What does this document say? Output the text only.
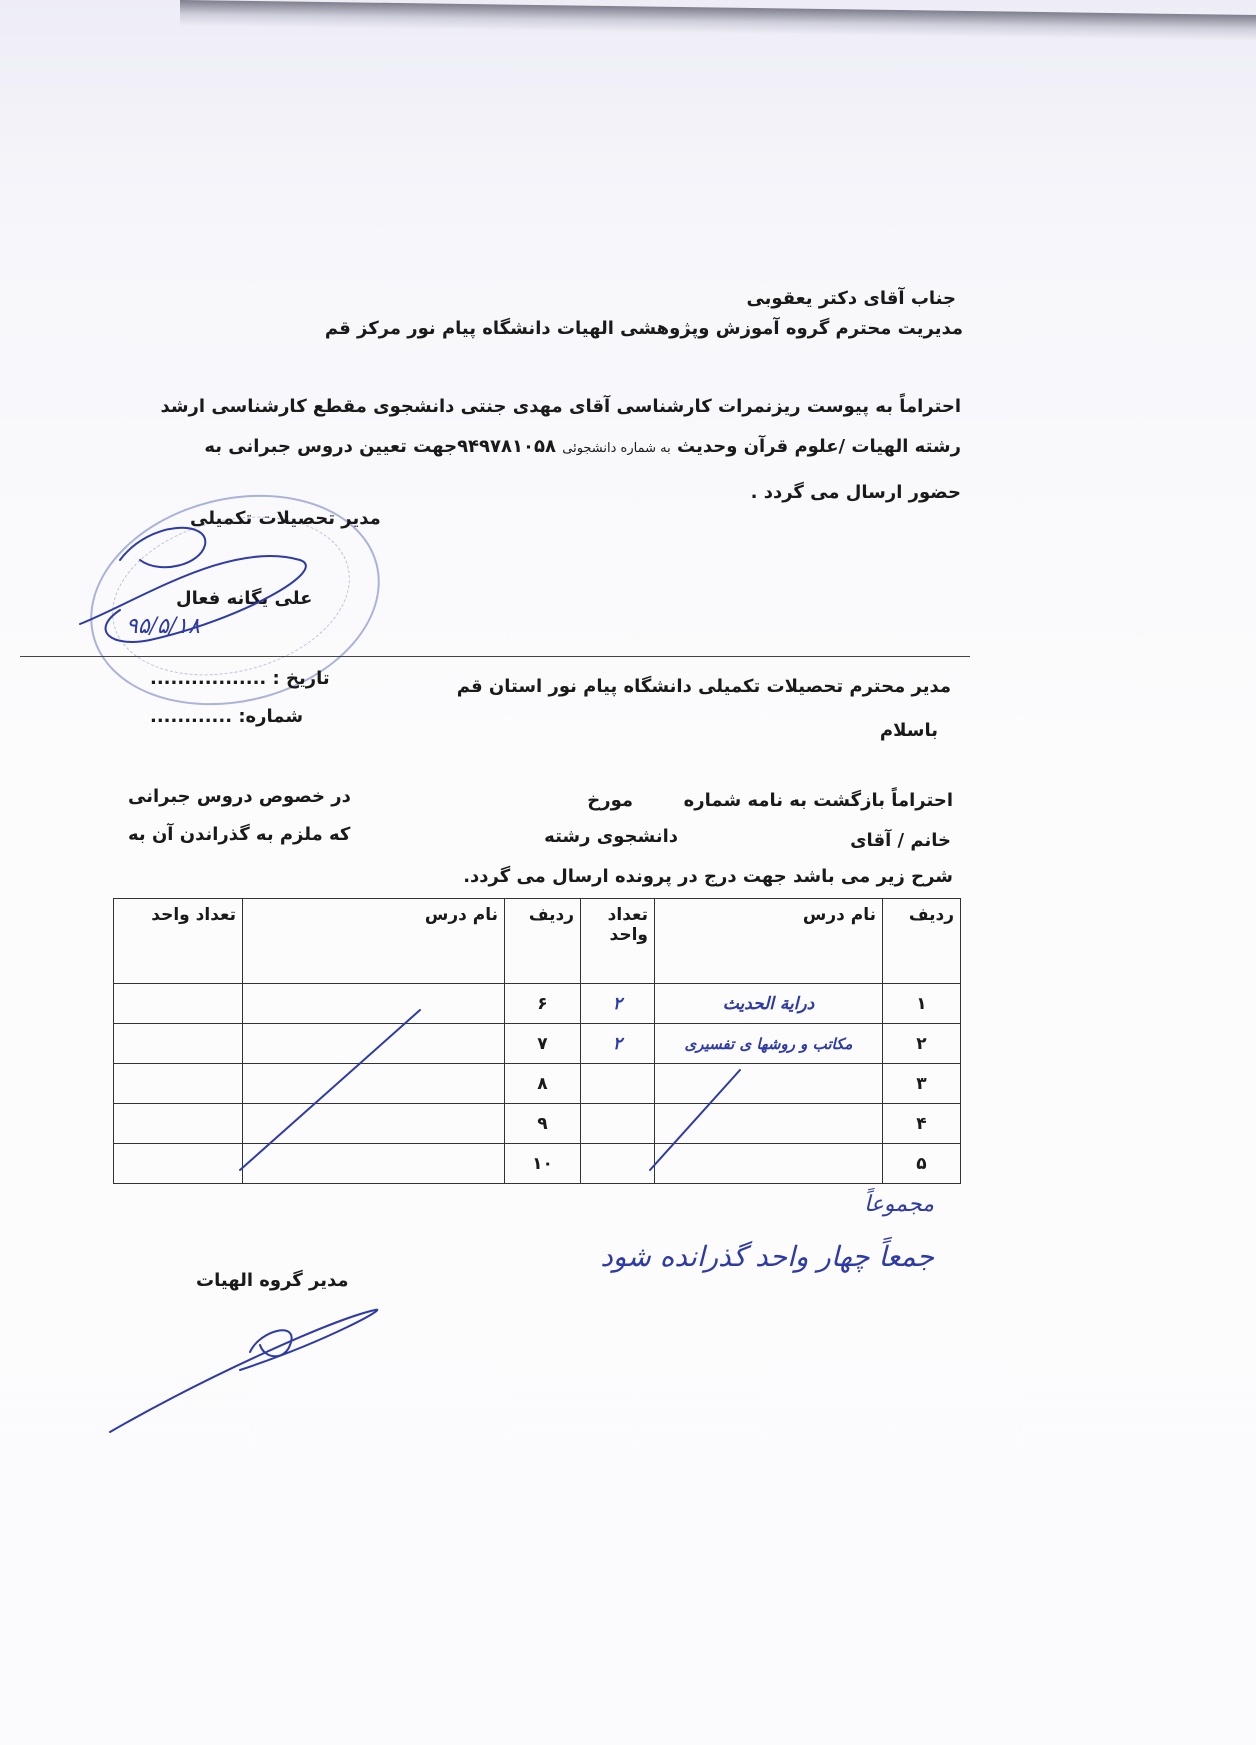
جناب آقای دکتر یعقوبی
مدیریت محترم گروه آموزش وپژوهشی الهیات دانشگاه پیام نور مرکز قم
احتراماً به پیوست ریزنمرات کارشناسی آقای مهدی جنتی دانشجوی مقطع کارشناسی ارشد
رشته الهیات /علوم قرآن وحدیث به شماره دانشجوئی ۹۴۹۷۸۱۰۵۸جهت تعیین دروس جبرانی به
حضور ارسال می گردد .
مدیر تحصیلات تکمیلی
علی یگانه فعال
۹۵/۵/۱۸
تاریخ : .................
شماره: ............
مدیر محترم تحصیلات تکمیلی دانشگاه پیام نور استان قم
باسلام
احتراماً بازگشت به نامه شماره
مورخ
در خصوص دروس جبرانی
خانم / آقای
دانشجوی رشته
که ملزم به گذراندن آن به
شرح زیر می باشد جهت درج در پرونده ارسال می گردد.
ردیف	نام درس	تعداد واحد	ردیف	نام درس	تعداد واحد
۱	درایة الحدیث	۲	۶		
۲	مکاتب و روشها ی تفسیری	۲	۷		
۳			۸		
۴			۹		
۵			۱۰		
مجموعاً
جمعاً چهار واحد گذرانده شود
مدیر گروه الهیات
